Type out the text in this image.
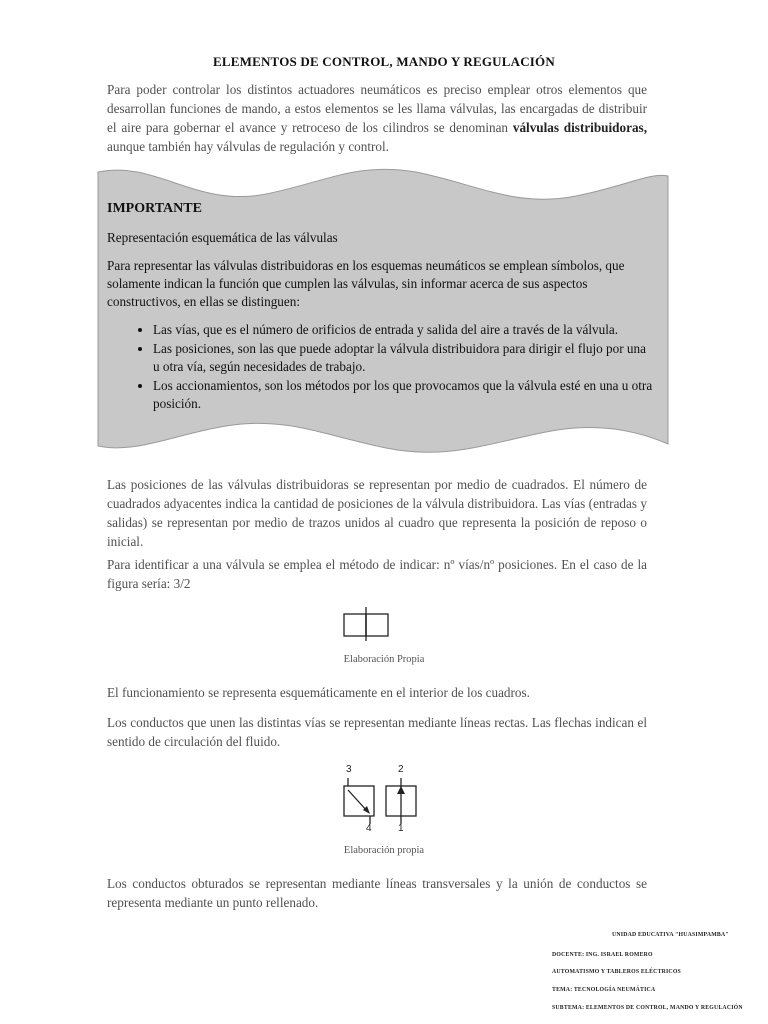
ELEMENTOS DE CONTROL, MANDO Y REGULACIÓN
Para poder controlar los distintos actuadores neumáticos es preciso emplear otros elementos que desarrollan funciones de mando, a estos elementos se les llama válvulas, las encargadas de distribuir el aire para gobernar el avance y retroceso de los cilindros se denominan válvulas distribuidoras, aunque también hay válvulas de regulación y control.
IMPORTANTE
Representación esquemática de las válvulas
Para representar las válvulas distribuidoras en los esquemas neumáticos se emplean símbolos, que solamente indican la función que cumplen las válvulas, sin informar acerca de sus aspectos constructivos, en ellas se distinguen:
• Las vías, que es el número de orificios de entrada y salida del aire a través de la válvula.
• Las posiciones, son las que puede adoptar la válvula distribuidora para dirigir el flujo por una u otra vía, según necesidades de trabajo.
• Los accionamientos, son los métodos por los que provocamos que la válvula esté en una u otra posición.
Las posiciones de las válvulas distribuidoras se representan por medio de cuadrados. El número de cuadrados adyacentes indica la cantidad de posiciones de la válvula distribuidora. Las vías (entradas y salidas) se representan por medio de trazos unidos al cuadro que representa la posición de reposo o inicial.
Para identificar a una válvula se emplea el método de indicar: nº vías/nº posiciones. En el caso de la figura sería: 3/2
Elaboración Propia
El funcionamiento se representa esquemáticamente en el interior de los cuadros.
Los conductos que unen las distintas vías se representan mediante líneas rectas. Las flechas indican el sentido de circulación del fluido.
3	2
4	1
Elaboración propia
Los conductos obturados se representan mediante líneas transversales y la unión de conductos se representa mediante un punto rellenado.
UNIDAD EDUCATIVA "HUASIMPAMBA"
DOCENTE: ING. ISRAEL ROMERO
AUTOMATISMO Y TABLEROS ELÉCTRICOS
TEMA: TECNOLOGÍA NEUMÁTICA
SUBTEMA: ELEMENTOS DE CONTROL, MANDO Y REGULACIÓN
